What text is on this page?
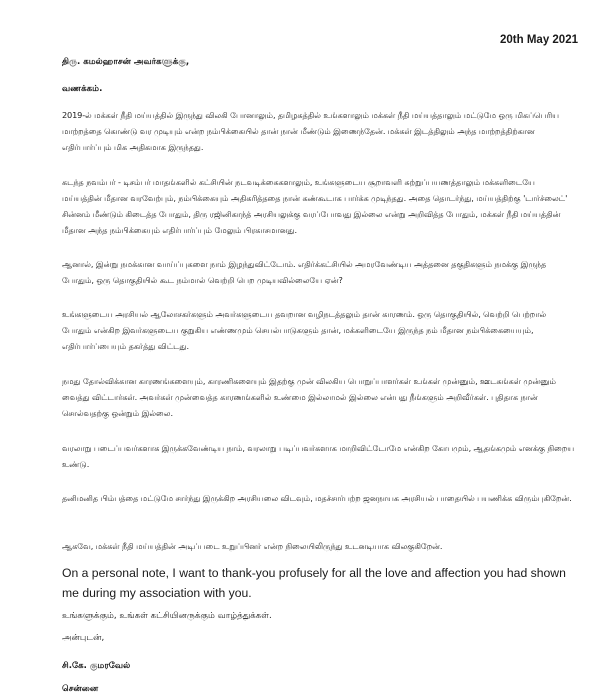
20th May 2021
திரு. கமல்ஹாசன் அவர்களுக்கு,
வணக்கம்.

2019-ல் மக்கள் நீதி மய்யத்தில் இருந்து விலகி போனாலும், தமிழகத்தில் உங்களாலும் மக்கள் நீதி மய்யத்தாலும் மட்டுமே ஒரு மிகப்பெரிய மாற்றத்தை கொண்டு வர முடியும் என்ற நம்பிக்கையில் தான் நான் மீண்டும் இணைந்தேன். மக்கள் இடத்திலும் அந்த மாற்றத்திற்கான எதிர்பார்ப்பும் மிக அதிகமாக இருந்தது.

கடந்த நவம்பர் - டிசம்பர் மாதங்களில் கட்சியின் நடவடிக்கைகளாலும், உங்களுடைய சூறாவளி சுற்றுப்பயணத்தாலும் மக்களிடையே மய்யத்தின் மீதான வரவேற்பும், நம்பிக்கையும் அதிகரித்ததை நான் கண்கூடாக பார்க்க முடிந்தது. அதை தொடர்ந்து, மய்யத்திற்கு 'டார்ச்லைட்' சின்னம் மீண்டும் கிடைத்த போதும், திரு ரஜினிகாந்த் அரசியலுக்கு வரப்போவது இல்லை என்று அறிவித்த போதும், மக்கள் நீதி மய்யத்தின் மீதான அந்த நம்பிக்கையும் எதிர்பார்ப்பும் மேலும் பிரகாசமானது.

ஆனால், இன்று நமக்கான வாய்ப்புகளை நாம் இழந்துவிட்டோம். எதிர்க்கட்சியில் அமரவேண்டிய அத்தனை தகுதிகளும் நமக்கு இருந்த போதும், ஒரு தொகுதியில் கூட நம்மால் வெற்றி பெற முடியவில்லையே ஏன்?

உங்களுடைய அரசியல் ஆலோசகர்களும் அவர்களுடைய தவறான வழிநடத்தலும் தான் காரணம். ஒரு தொகுதியில், வெற்றி பெற்றால் போதும் என்கிற இவர்களுடைய குறுகிய எண்ணமும் செயல்பாடுகளும் தான், மக்களிடையே இருந்த நம் மீதான நம்பிக்கையையும், எதிர்பார்ப்பையும் தகர்த்து விட்டது.

நமது தோல்விக்கான காரணங்களையும், காரணிகளையும் இதற்கு முன் விலகிய பொறுப்பாளர்கள் உங்கள் முன்னும், ஊடகங்கள் முன்னும் வைத்து விட்டார்கள். அவர்கள் முன்வைத்த காரணங்களில் உண்மை இல்லாமல் இல்லை என்பது நீங்களும் அறிவீர்கள். புதிதாக நான் சொல்வதற்கு ஒன்றும் இல்லை.

வரலாறு படைப்பவர்களாக இருக்கவேண்டிய நாம், வரலாறு படிப்பவர்களாக மாறிவிட்டோமே என்கிற கோபமும், ஆதங்கமும் எனக்கு நிறைய உண்டு.

தனிமனித பிம்பத்தை மட்டுமே சார்ந்து இருக்கிற அரசியலை விடவும், மதச்சார்பற்ற ஜனநாயக அரசியல் பாதையில் பயணிக்க விரும்புகிறேன்.

ஆகவே, மக்கள் நீதி மய்யத்தின் அடிப்படை உறுப்பினர் என்ற நிலையிலிருந்து உடனடியாக விலகுகிறேன்.

On a personal note, I want to thank-you profusely for all the love and affection you had shown me during my association with you.

உங்களுக்கும், உங்கள் கட்சியினருக்கும் வாழ்த்துக்கள்.
அன்புடன்,
சி.கே. குமரவேல்
சென்னை
